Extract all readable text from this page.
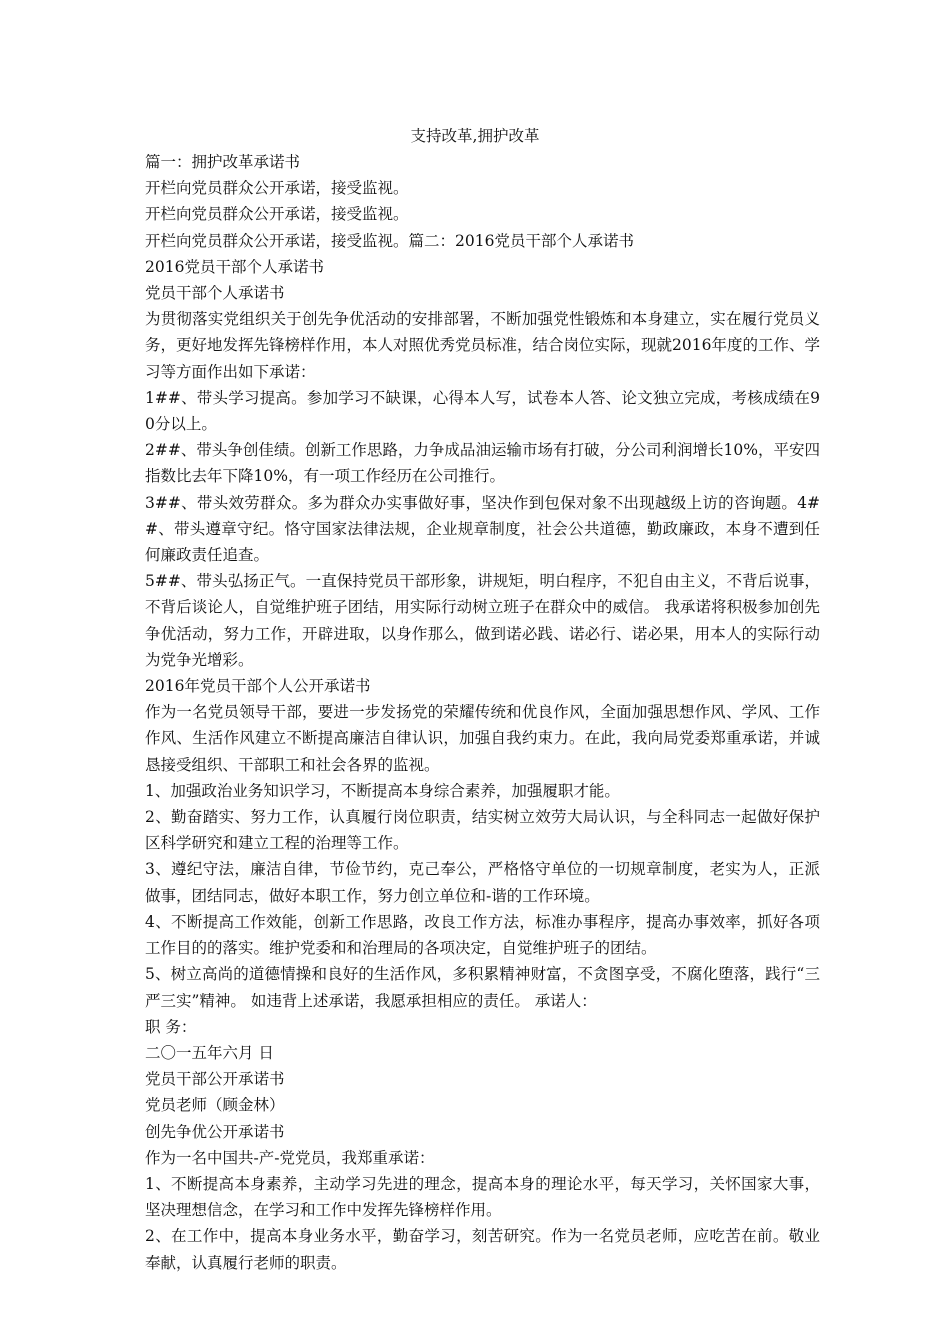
支持改革,拥护改革

篇一：拥护改革承诺书

开栏向党员群众公开承诺，接受监视。

开栏向党员群众公开承诺，接受监视。

开栏向党员群众公开承诺，接受监视。篇二：2016党员干部个人承诺书

2016党员干部个人承诺书

党员干部个人承诺书

为贯彻落实党组织关于创先争优活动的安排部署，不断加强党性锻炼和本身建立，实在履行党员义务，更好地发挥先锋榜样作用，本人对照优秀党员标准，结合岗位实际，现就2016年度的工作、学习等方面作出如下承诺：

1##、带头学习提高。参加学习不缺课，心得本人写，试卷本人答、论文独立完成，考核成绩在90分以上。

2##、带头争创佳绩。创新工作思路，力争成品油运输市场有打破，分公司利润增长10%，平安四指数比去年下降10%，有一项工作经历在公司推行。

3##、带头效劳群众。多为群众办实事做好事，坚决作到包保对象不出现越级上访的咨询题。4##、带头遵章守纪。恪守国家法律法规，企业规章制度，社会公共道德，勤政廉政，本身不遭到任何廉政责任追查。

5##、带头弘扬正气。一直保持党员干部形象，讲规矩，明白程序，不犯自由主义，不背后说事，不背后谈论人，自觉维护班子团结，用实际行动树立班子在群众中的威信。 我承诺将积极参加创先争优活动，努力工作，开辟进取，以身作那么，做到诺必践、诺必行、诺必果，用本人的实际行动为党争光增彩。

2016年党员干部个人公开承诺书

作为一名党员领导干部，要进一步发扬党的荣耀传统和优良作风，全面加强思想作风、学风、工作作风、生活作风建立不断提高廉洁自律认识，加强自我约束力。在此，我向局党委郑重承诺，并诚恳接受组织、干部职工和社会各界的监视。

1、加强政治业务知识学习，不断提高本身综合素养，加强履职才能。

2、勤奋踏实、努力工作，认真履行岗位职责，结实树立效劳大局认识，与全科同志一起做好保护区科学研究和建立工程的治理等工作。

3、遵纪守法，廉洁自律，节俭节约，克己奉公，严格恪守单位的一切规章制度，老实为人，正派做事，团结同志，做好本职工作，努力创立单位和-谐的工作环境。

4、不断提高工作效能，创新工作思路，改良工作方法，标准办事程序，提高办事效率，抓好各项工作目的的落实。维护党委和和治理局的各项决定，自觉维护班子的团结。

5、树立高尚的道德情操和良好的生活作风，多积累精神财富，不贪图享受，不腐化堕落，践行“三严三实”精神。 如违背上述承诺，我愿承担相应的责任。 承诺人：

职 务：

二〇一五年六月 日

党员干部公开承诺书

党员老师（顾金林）

创先争优公开承诺书

作为一名中国共-产-党党员，我郑重承诺：

1、不断提高本身素养，主动学习先进的理念，提高本身的理论水平，每天学习，关怀国家大事，坚决理想信念，在学习和工作中发挥先锋榜样作用。

2、在工作中，提高本身业务水平，勤奋学习，刻苦研究。作为一名党员老师，应吃苦在前。敬业奉献，认真履行老师的职责。
